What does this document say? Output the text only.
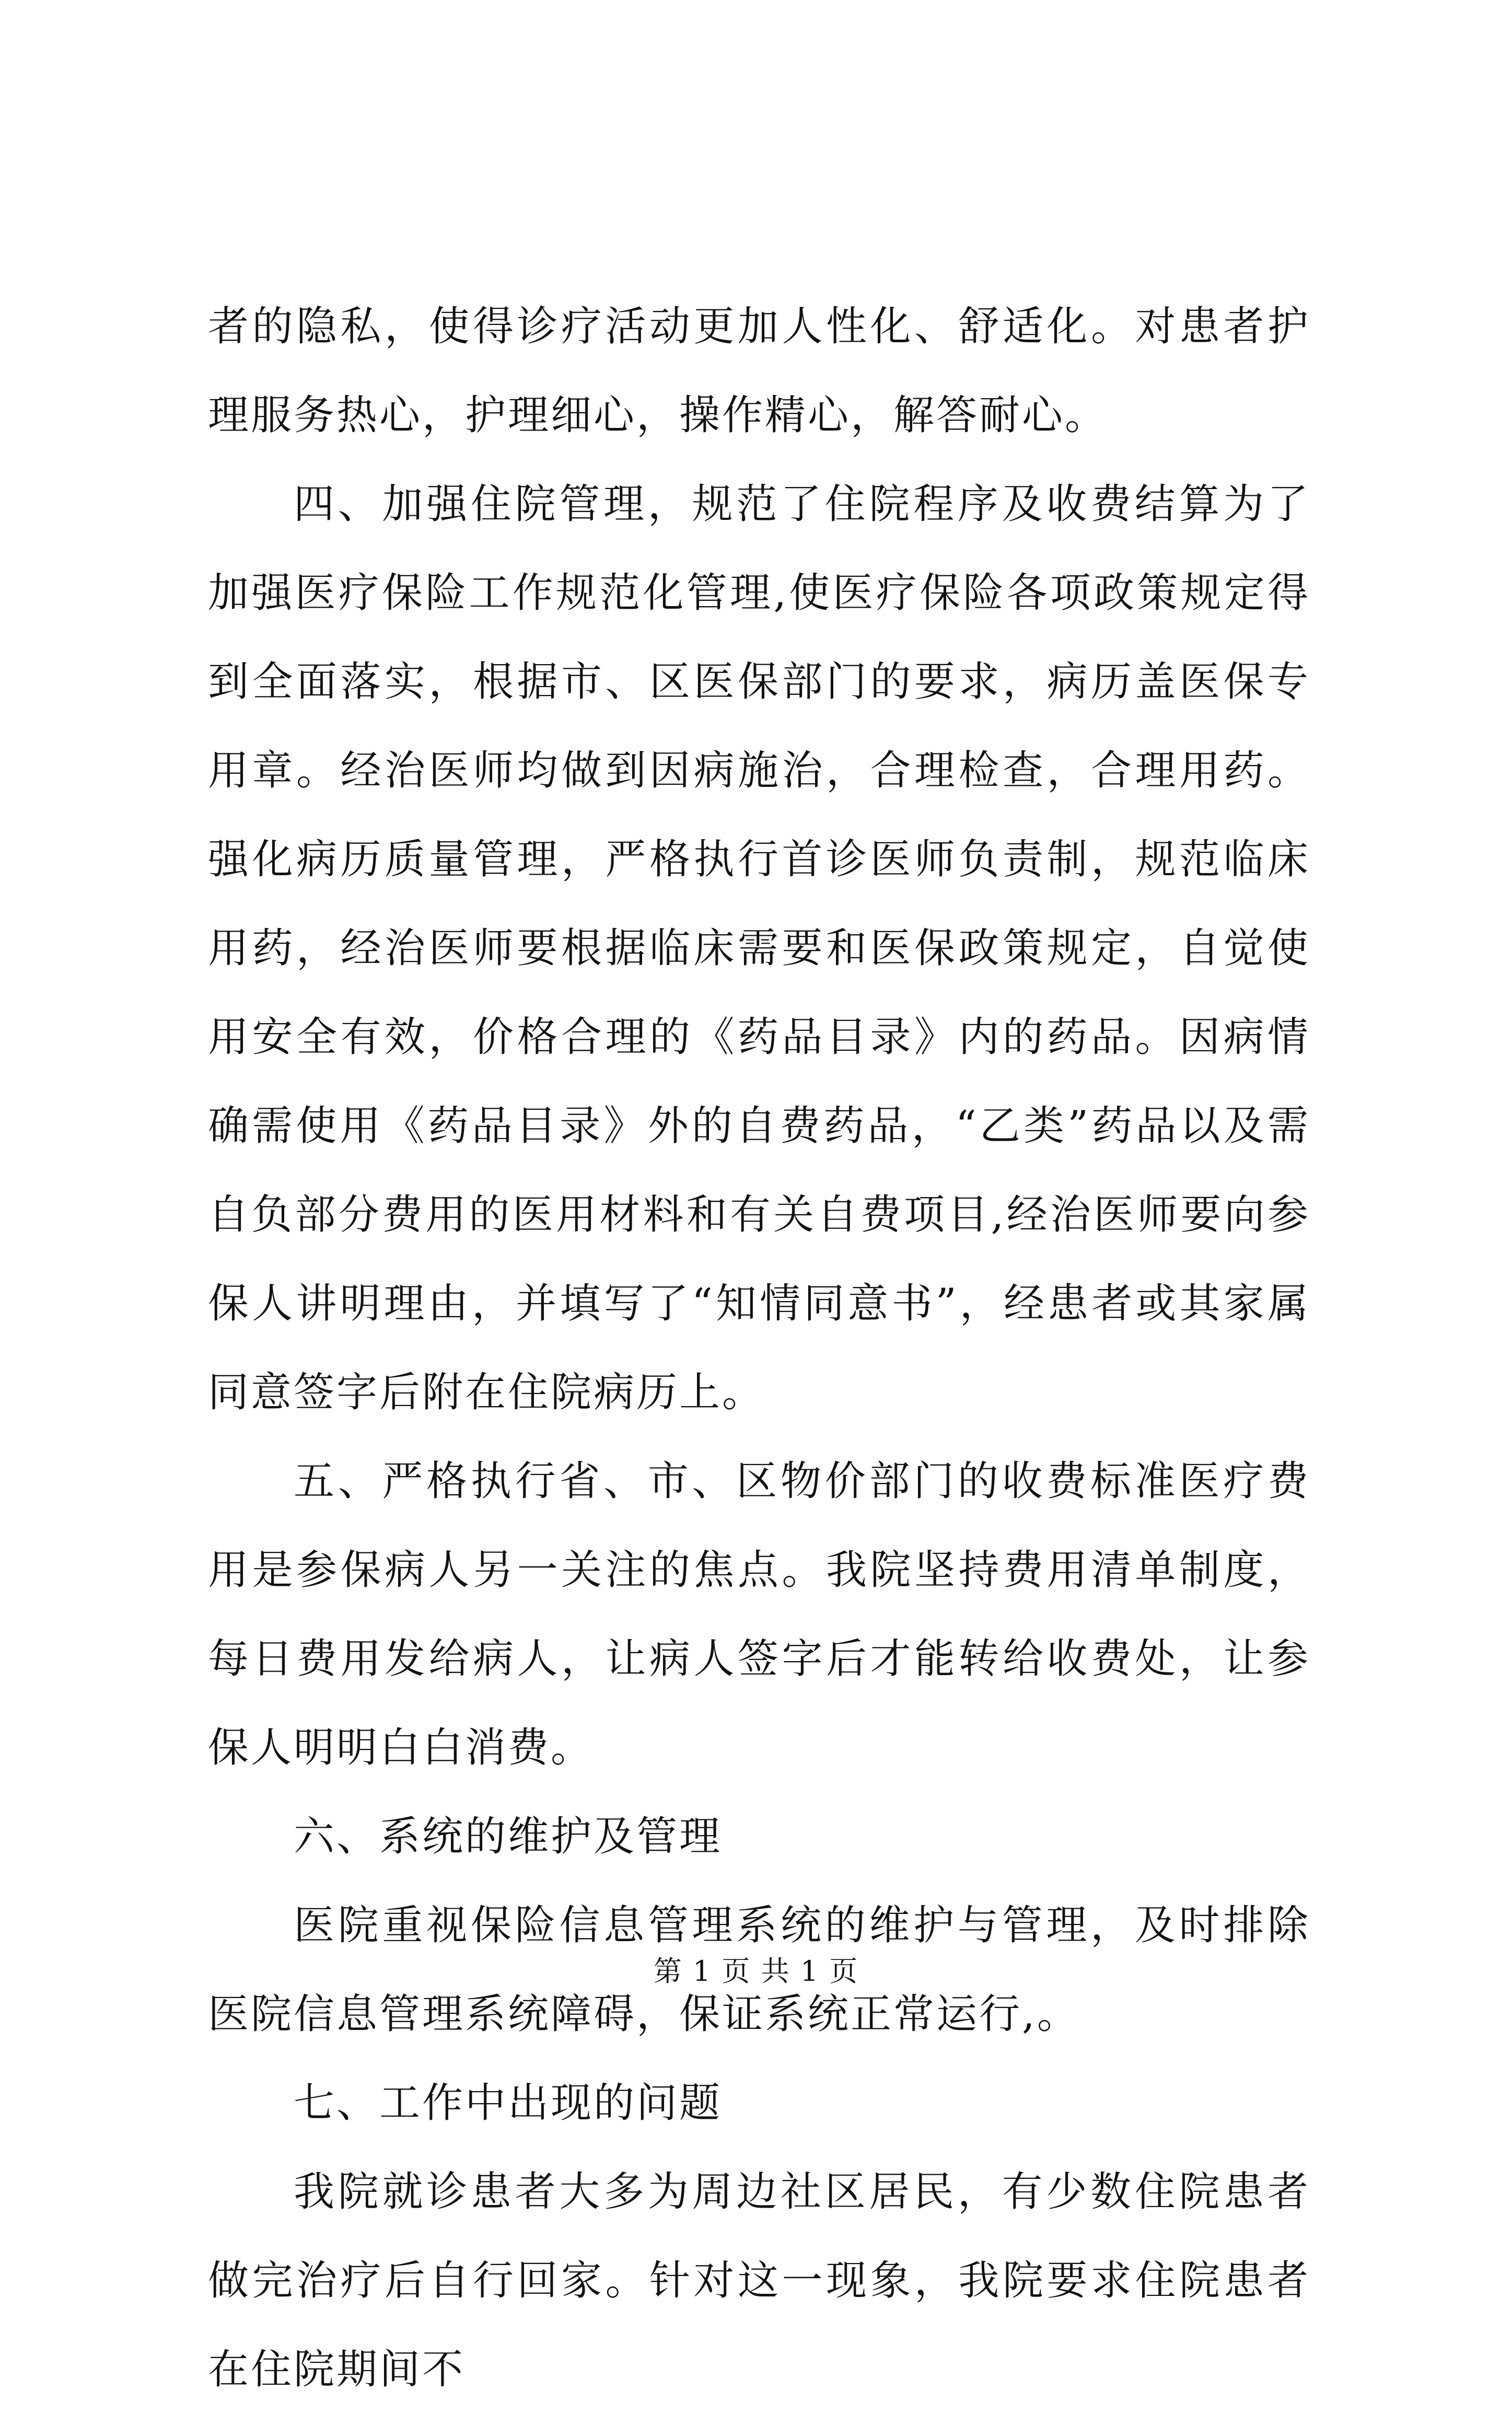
者的隐私，使得诊疗活动更加人性化、舒适化。对患者护理服务热心，护理细心，操作精心，解答耐心。

四、加强住院管理，规范了住院程序及收费结算为了加强医疗保险工作规范化管理,使医疗保险各项政策规定得到全面落实，根据市、区医保部门的要求，病历盖医保专用章。经治医师均做到因病施治，合理检查，合理用药。强化病历质量管理，严格执行首诊医师负责制，规范临床用药，经治医师要根据临床需要和医保政策规定，自觉使用安全有效，价格合理的《药品目录》内的药品。因病情确需使用《药品目录》外的自费药品，“乙类”药品以及需自负部分费用的医用材料和有关自费项目,经治医师要向参保人讲明理由，并填写了“知情同意书”，经患者或其家属同意签字后附在住院病历上。

五、严格执行省、市、区物价部门的收费标准医疗费用是参保病人另一关注的焦点。我院坚持费用清单制度，每日费用发给病人，让病人签字后才能转给收费处，让参保人明明白白消费。

六、系统的维护及管理

医院重视保险信息管理系统的维护与管理，及时排除医院信息管理系统障碍，保证系统正常运行,。

七、工作中出现的问题

我院就诊患者大多为周边社区居民，有少数住院患者做完治疗后自行回家。针对这一现象，我院要求住院患者在住院期间不

第 1 页 共 1 页
